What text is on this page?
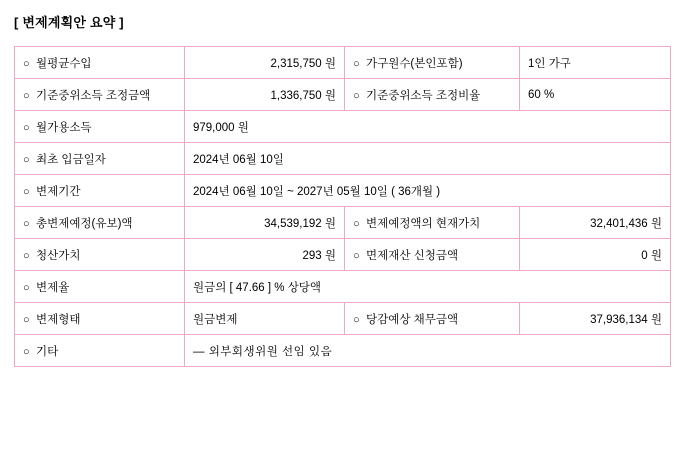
[ 변제계획안 요약 ]
○ 월평균수입	2,315,750 원	○ 가구원수(본인포함)	1인 가구
○ 기준중위소득 조정금액	1,336,750 원	○ 기준중위소득 조정비율	60 %
○ 월가용소득	979,000 원		
○ 최초 입금일자	2024년 06월 10일		
○ 변제기간	2024년 06월 10일 ~ 2027년 05월 10일 ( 36개월 )		
○ 총변제예정(유보)액	34,539,192 원	○ 변제예정액의 현재가치	32,401,436 원
○ 청산가치	293 원	○ 면제재산 신청금액	0 원
○ 변제율	원금의 [ 47.66 ] % 상당액		
○ 변제형태	원금변제	○ 당감예상 채무금액	37,936,134 원
○ 기타	— 외부회생위원 선임 있음		
